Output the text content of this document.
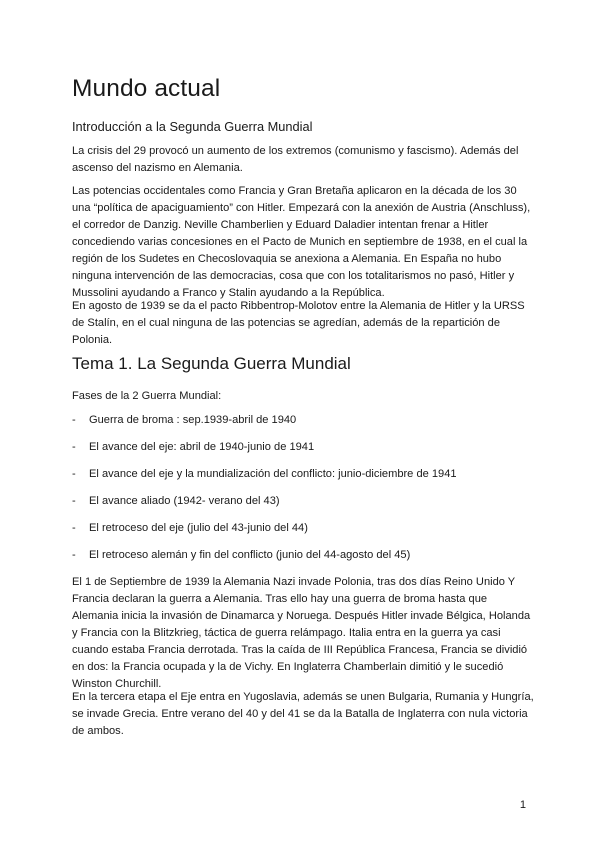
Mundo actual

Introducción a la Segunda Guerra Mundial

La crisis del 29 provocó un aumento de los extremos (comunismo y fascismo). Además del ascenso del nazismo en Alemania.

Las potencias occidentales como Francia y Gran Bretaña aplicaron en la década de los 30 una “política de apaciguamiento” con Hitler. Empezará con la anexión de Austria (Anschluss), el corredor de Danzig. Neville Chamberlien y Eduard Daladier intentan frenar a Hitler concediendo varias concesiones en el Pacto de Munich en septiembre de 1938, en el cual la región de los Sudetes en Checoslovaquia se anexiona a Alemania. En España no hubo ninguna intervención de las democracias, cosa que con los totalitarismos no pasó, Hitler y Mussolini ayudando a Franco y Stalin ayudando a la República.

En agosto de 1939 se da el pacto Ribbentrop-Molotov entre la Alemania de Hitler y la URSS de Stalín, en el cual ninguna de las potencias se agredían, además de la repartición de Polonia.

Tema 1. La Segunda Guerra Mundial

Fases de la 2 Guerra Mundial:

- Guerra de broma : sep.1939-abril de 1940
- El avance del eje: abril de 1940-junio de 1941
- El avance del eje y la mundialización del conflicto: junio-diciembre de 1941
- El avance aliado (1942- verano del 43)
- El retroceso del eje (julio del 43-junio del 44)
- El retroceso alemán y fin del conflicto (junio del 44-agosto del 45)

El 1 de Septiembre de 1939 la Alemania Nazi invade Polonia, tras dos días Reino Unido Y Francia declaran la guerra a Alemania. Tras ello hay una guerra de broma hasta que Alemania inicia la invasión de Dinamarca y Noruega. Después Hitler invade Bélgica, Holanda y Francia con la Blitzkrieg, táctica de guerra relámpago. Italia entra en la guerra ya casi cuando estaba Francia derrotada. Tras la caída de III República Francesa, Francia se dividió en dos: la Francia ocupada y la de Vichy. En Inglaterra Chamberlain dimitió y le sucedió Winston Churchill.

En la tercera etapa el Eje entra en Yugoslavia, además se unen Bulgaria, Rumania y Hungría, se invade Grecia. Entre verano del 40 y del 41 se da la Batalla de Inglaterra con nula victoria de ambos.

1
